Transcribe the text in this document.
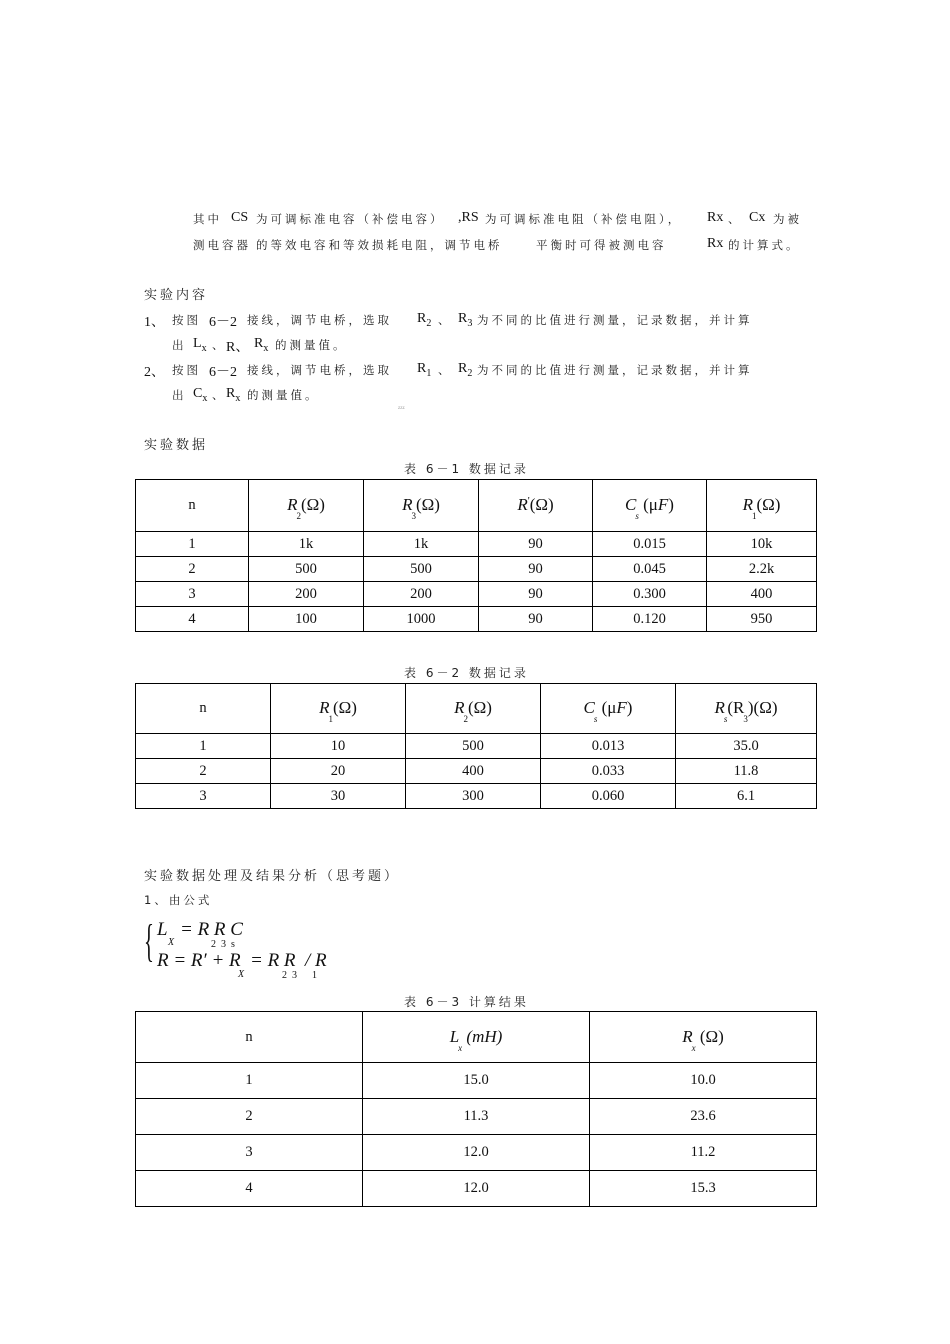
其中 CS 为可调标准电容（补偿电容） ,RS 为可调标准电阻（补偿电阻）， Rx 、 Cx 为被
测电容器 的等效电容和等效损耗电阻，调节电桥	平衡时可得被测电容	Rx 的计算式。
实验内容
1、 按图 6－2 接线，调节电桥，选取 $R_2$ 、 $R_3$ 为不同的比值进行测量，记录数据，并计算
出 $L_x$ 、 R、 $R_x$ 的测量值。
2、 按图 6－2 接线，调节电桥，选取 $R_1$ 、 $R_2$ 为不同的比值进行测量，记录数据，并计算
出 $C_x$ 、 $R_x$ 的测量值。
zzz
实验数据
表 6－1 数据记录
n	$R_2(\Omega)$	$R_3(\Omega)$	R'(Ω)	$C_s$ (μF)	$R_1(\Omega)$
1	1k	1k	90	0.015	10k
2	500	500	90	0.045	2.2k
3	200	200	90	0.300	400
4	100	1000	90	0.120	950
表 6－2 数据记录
n	$R_1(\Omega)$	$R_2(\Omega)$	$C_s$ (μF)	$R_s(R_3)(\Omega)$
1	10	500	0.013	35.0
2	20	400	0.033	11.8
3	30	300	0.060	6.1
实验数据处理及结果分析（思考题）
1、由公式
{ L
X
= R R C
2  3  s
R = R′ + R
X
= R R  / R
2  3      1
表 6－3 计算结果
n	$L_x$ (mH)	$R_x$ (Ω)
1	15.0	10.0
2	11.3	23.6
3	12.0	11.2
4	12.0	15.3
